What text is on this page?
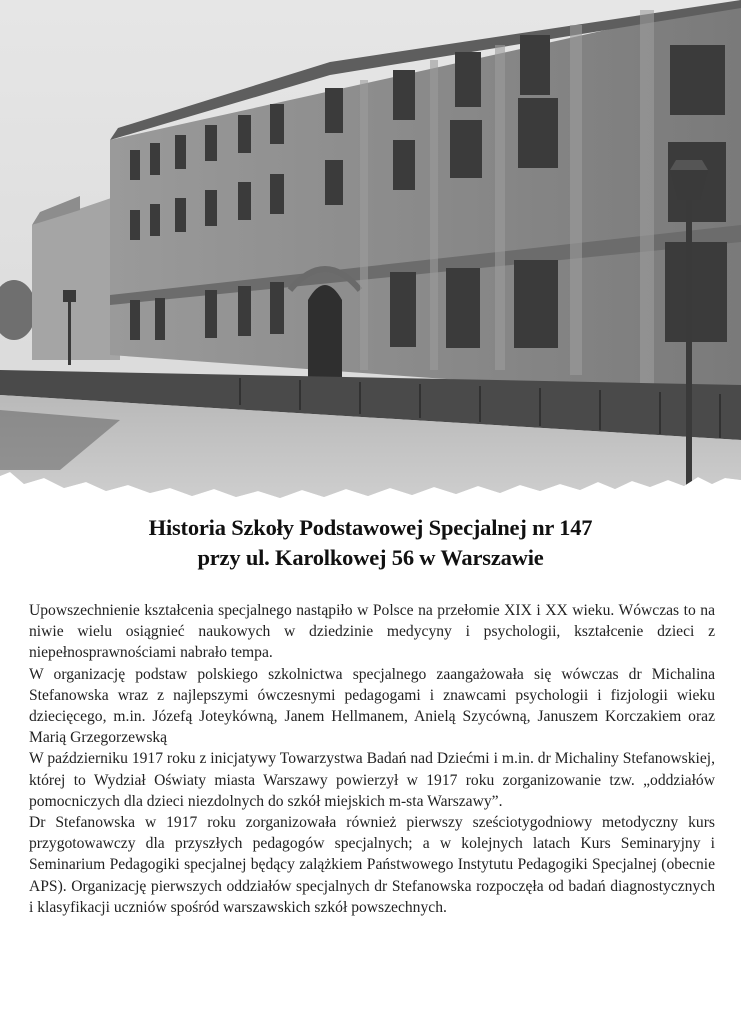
Historia Szkoły Podstawowej Specjalnej nr 147
przy ul. Karolkowej 56 w Warszawie

Upowszechnienie kształcenia specjalnego nastąpiło w Polsce na przełomie XIX i XX wieku. Wówczas to na niwie wielu osiągnieć naukowych w dziedzinie medycyny i psychologii, kształcenie dzieci z niepełnosprawnościami nabrało tempa.

W organizację podstaw polskiego szkolnictwa specjalnego zaangażowała się wówczas dr Michalina Stefanowska wraz z najlepszymi ówczesnymi pedagogami i znawcami psychologii i fizjologii wieku dziecięcego, m.in. Józefą Joteykówną, Janem Hellmanem, Anielą Szycówną, Januszem Korczakiem oraz Marią Grzegorzewską

W październiku 1917 roku z inicjatywy Towarzystwa Badań nad Dziećmi i m.in. dr Michaliny Stefanowskiej, której to Wydział Oświaty miasta Warszawy powierzył w 1917 roku zorganizowanie tzw. „oddziałów pomocniczych dla dzieci niezdolnych do szkół miejskich m-sta Warszawy”.

Dr Stefanowska w 1917 roku zorganizowała również pierwszy sześciotygodniowy metodyczny kurs przygotowawczy dla przyszłych pedagogów specjalnych; a w kolejnych latach Kurs Seminaryjny i Seminarium Pedagogiki specjalnej będący zalążkiem Państwowego Instytutu Pedagogiki Specjalnej (obecnie APS). Organizację pierwszych oddziałów specjalnych dr Stefanowska rozpoczęła od badań diagnostycznych i klasyfikacji uczniów spośród warszawskich szkół powszechnych.
